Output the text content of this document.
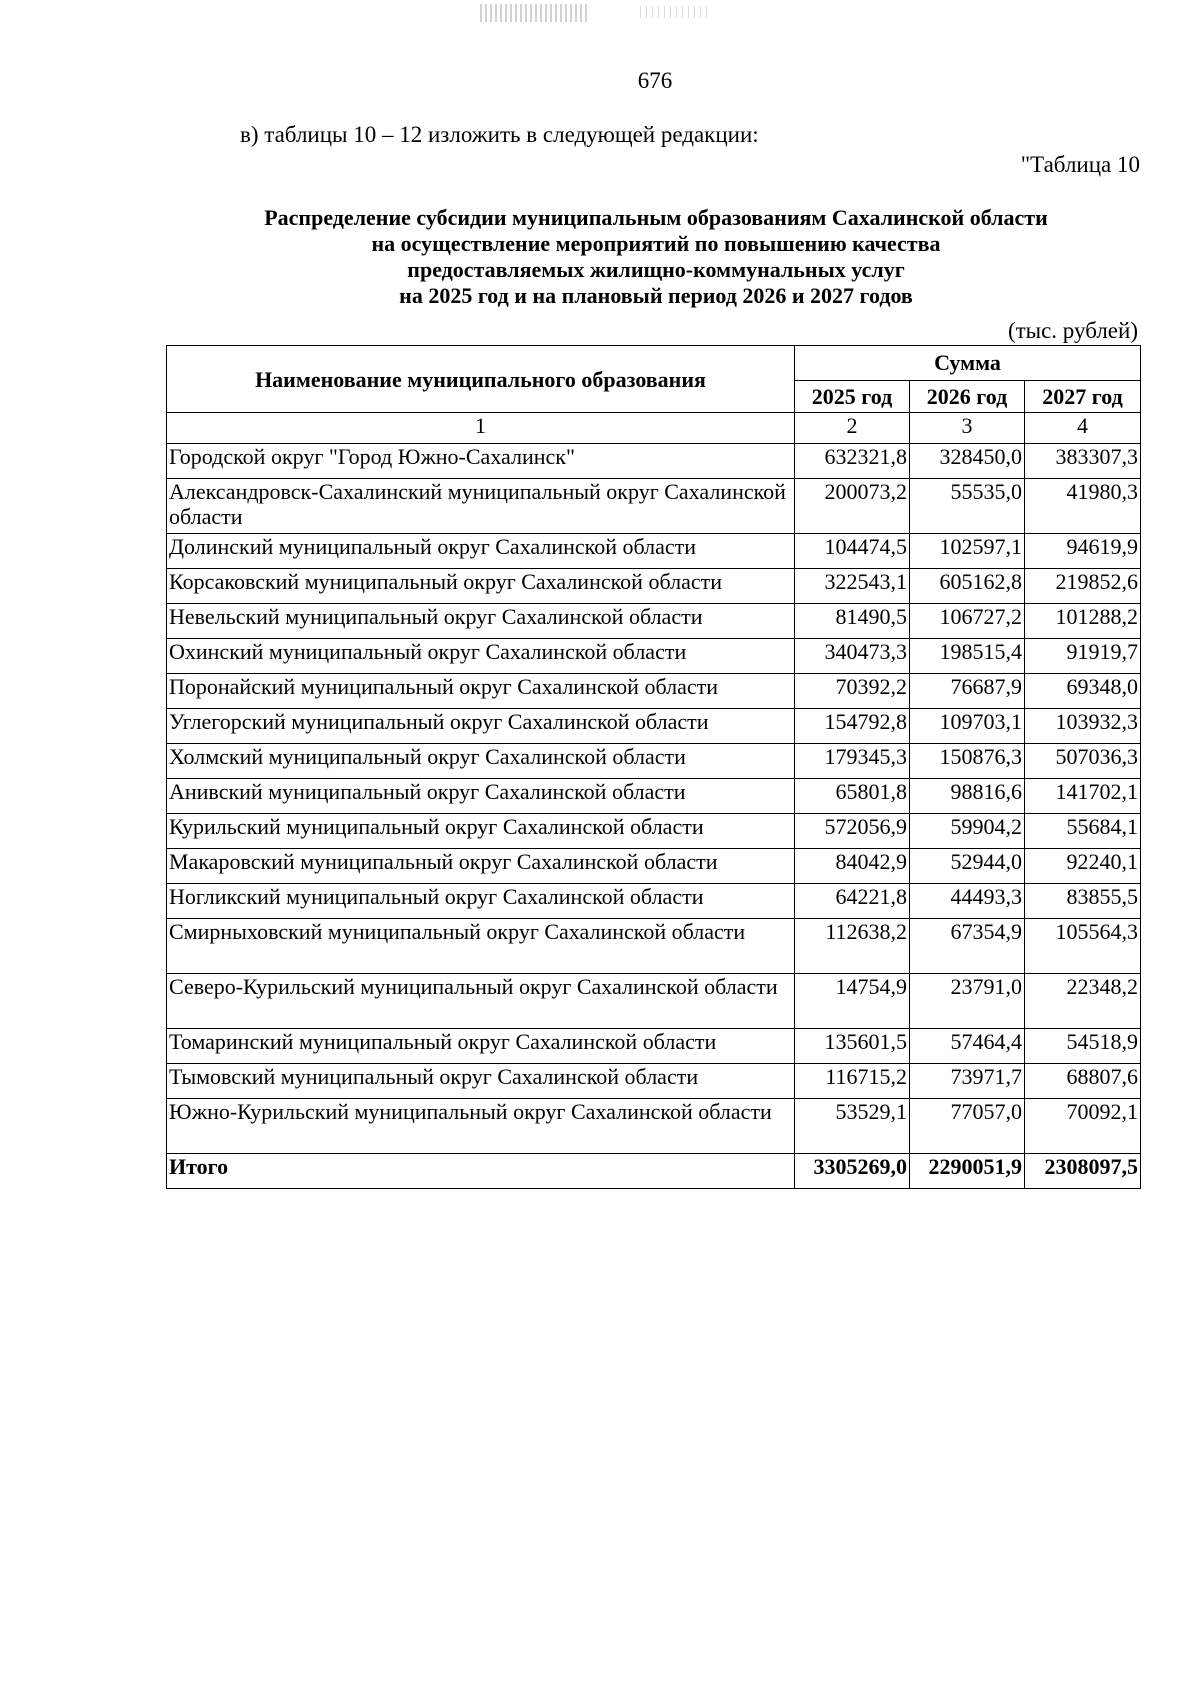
676
в) таблицы 10 – 12 изложить в следующей редакции:
"Таблица 10
Распределение субсидии муниципальным образованиям Сахалинской области
на осуществление мероприятий по повышению качества
предоставляемых жилищно-коммунальных услуг
на 2025 год и на плановый период 2026 и 2027 годов
(тыс. рублей)
Наименование муниципального образования	Сумма		
	2025 год	2026 год	2027 год
1	2	3	4
Городской округ "Город Южно-Сахалинск"	632321,8	328450,0	383307,3
Александровск-Сахалинский муниципальный округ Сахалинской области	200073,2	55535,0	41980,3
Долинский муниципальный округ Сахалинской области	104474,5	102597,1	94619,9
Корсаковский муниципальный округ Сахалинской области	322543,1	605162,8	219852,6
Невельский муниципальный округ Сахалинской области	81490,5	106727,2	101288,2
Охинский муниципальный округ Сахалинской области	340473,3	198515,4	91919,7
Поронайский муниципальный округ Сахалинской области	70392,2	76687,9	69348,0
Углегорский муниципальный округ Сахалинской области	154792,8	109703,1	103932,3
Холмский муниципальный округ Сахалинской области	179345,3	150876,3	507036,3
Анивский муниципальный округ Сахалинской области	65801,8	98816,6	141702,1
Курильский муниципальный округ Сахалинской области	572056,9	59904,2	55684,1
Макаровский муниципальный округ Сахалинской области	84042,9	52944,0	92240,1
Ногликский муниципальный округ Сахалинской области	64221,8	44493,3	83855,5
Смирныховский муниципальный округ Сахалинской области	112638,2	67354,9	105564,3
Северо-Курильский муниципальный округ Сахалинской области	14754,9	23791,0	22348,2
Томаринский муниципальный округ Сахалинской области	135601,5	57464,4	54518,9
Тымовский муниципальный округ Сахалинской области	116715,2	73971,7	68807,6
Южно-Курильский муниципальный округ Сахалинской области	53529,1	77057,0	70092,1
Итого	3305269,0	2290051,9	2308097,5
